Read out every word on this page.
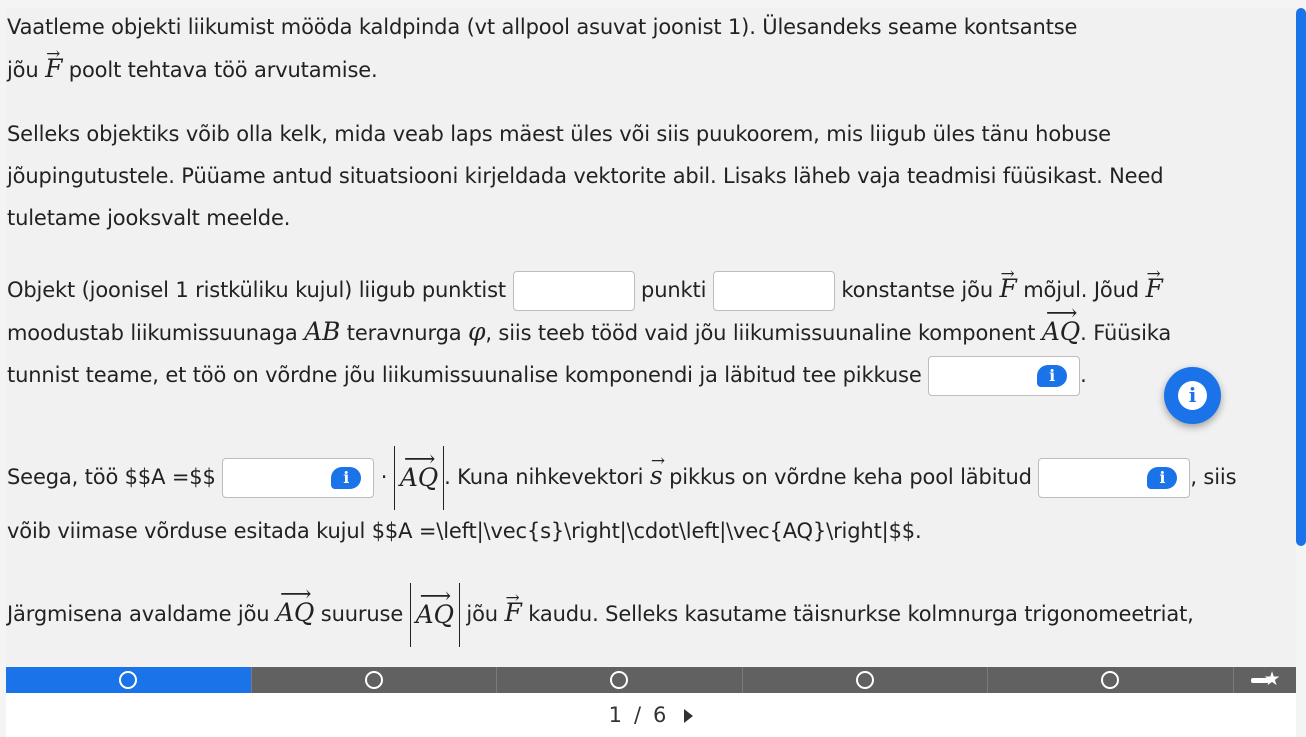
Vaatleme objekti liikumist mööda kaldpinda (vt allpool asuvat joonist 1). Ülesandeks seame kontsantse
jõu → F poolt tehtava töö arvutamise.
Selleks objektiks võib olla kelk, mida veab laps mäest üles või siis puukoorem, mis liigub üles tänu hobuse
jõupingutustele. Püüame antud situatsiooni kirjeldada vektorite abil. Lisaks läheb vaja teadmisi füüsikast. Need
tuletame jooksvalt meelde.
Objekt (joonisel 1 ristküliku kujul) liigub punktist	punkti	konstantse jõu → F mõjul. Jõud → F
moodustab liikumissuunaga AB teravnurga φ, siis teeb tööd vaid jõu liikumissuunaline komponent ⟶ AQ. Füüsika
tunnist teame, et töö on võrdne jõu liikumissuunalise komponendi ja läbitud tee pikkuse	i	.
Seega, töö $$A =$$	i	· ⟶ AQ . Kuna nihkevektori → s pikkus on võrdne keha pool läbitud	i	, siis
võib viimase võrduse esitada kujul $$A =\left|\vec{s}\right|\cdot\left|\vec{AQ}\right|$$.
Järgmisena avaldame jõu ⟶ AQ suuruse ⟶ AQ jõu → F kaudu. Selleks kasutame täisnurkse kolmnurga trigonomeetriat,
i
★
1 / 6
